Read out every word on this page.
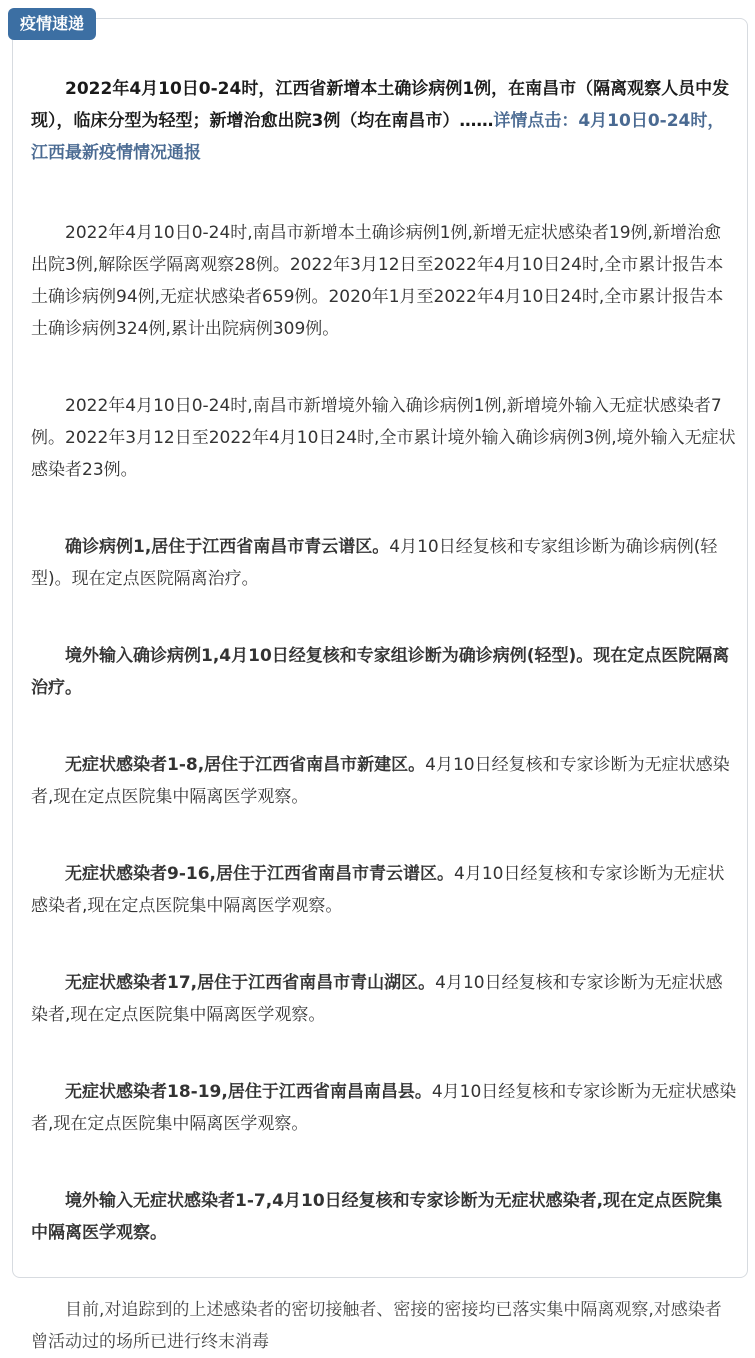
疫情速递

2022年4月10日0-24时，江西省新增本土确诊病例1例，在南昌市（隔离观察人员中发现），临床分型为轻型；新增治愈出院3例（均在南昌市）……详情点击：4月10日0-24时，江西最新疫情情况通报

2022年4月10日0-24时,南昌市新增本土确诊病例1例,新增无症状感染者19例,新增治愈出院3例,解除医学隔离观察28例。2022年3月12日至2022年4月10日24时,全市累计报告本土确诊病例94例,无症状感染者659例。2020年1月至2022年4月10日24时,全市累计报告本土确诊病例324例,累计出院病例309例。

2022年4月10日0-24时,南昌市新增境外输入确诊病例1例,新增境外输入无症状感染者7例。2022年3月12日至2022年4月10日24时,全市累计境外输入确诊病例3例,境外输入无症状感染者23例。

确诊病例1,居住于江西省南昌市青云谱区。4月10日经复核和专家组诊断为确诊病例(轻型)。现在定点医院隔离治疗。

境外输入确诊病例1,4月10日经复核和专家组诊断为确诊病例(轻型)。现在定点医院隔离治疗。

无症状感染者1-8,居住于江西省南昌市新建区。4月10日经复核和专家诊断为无症状感染者,现在定点医院集中隔离医学观察。

无症状感染者9-16,居住于江西省南昌市青云谱区。4月10日经复核和专家诊断为无症状感染者,现在定点医院集中隔离医学观察。

无症状感染者17,居住于江西省南昌市青山湖区。4月10日经复核和专家诊断为无症状感染者,现在定点医院集中隔离医学观察。

无症状感染者18-19,居住于江西省南昌南昌县。4月10日经复核和专家诊断为无症状感染者,现在定点医院集中隔离医学观察。

境外输入无症状感染者1-7,4月10日经复核和专家诊断为无症状感染者,现在定点医院集中隔离医学观察。

目前,对追踪到的上述感染者的密切接触者、密接的密接均已落实集中隔离观察,对感染者曾活动过的场所已进行终末消毒
